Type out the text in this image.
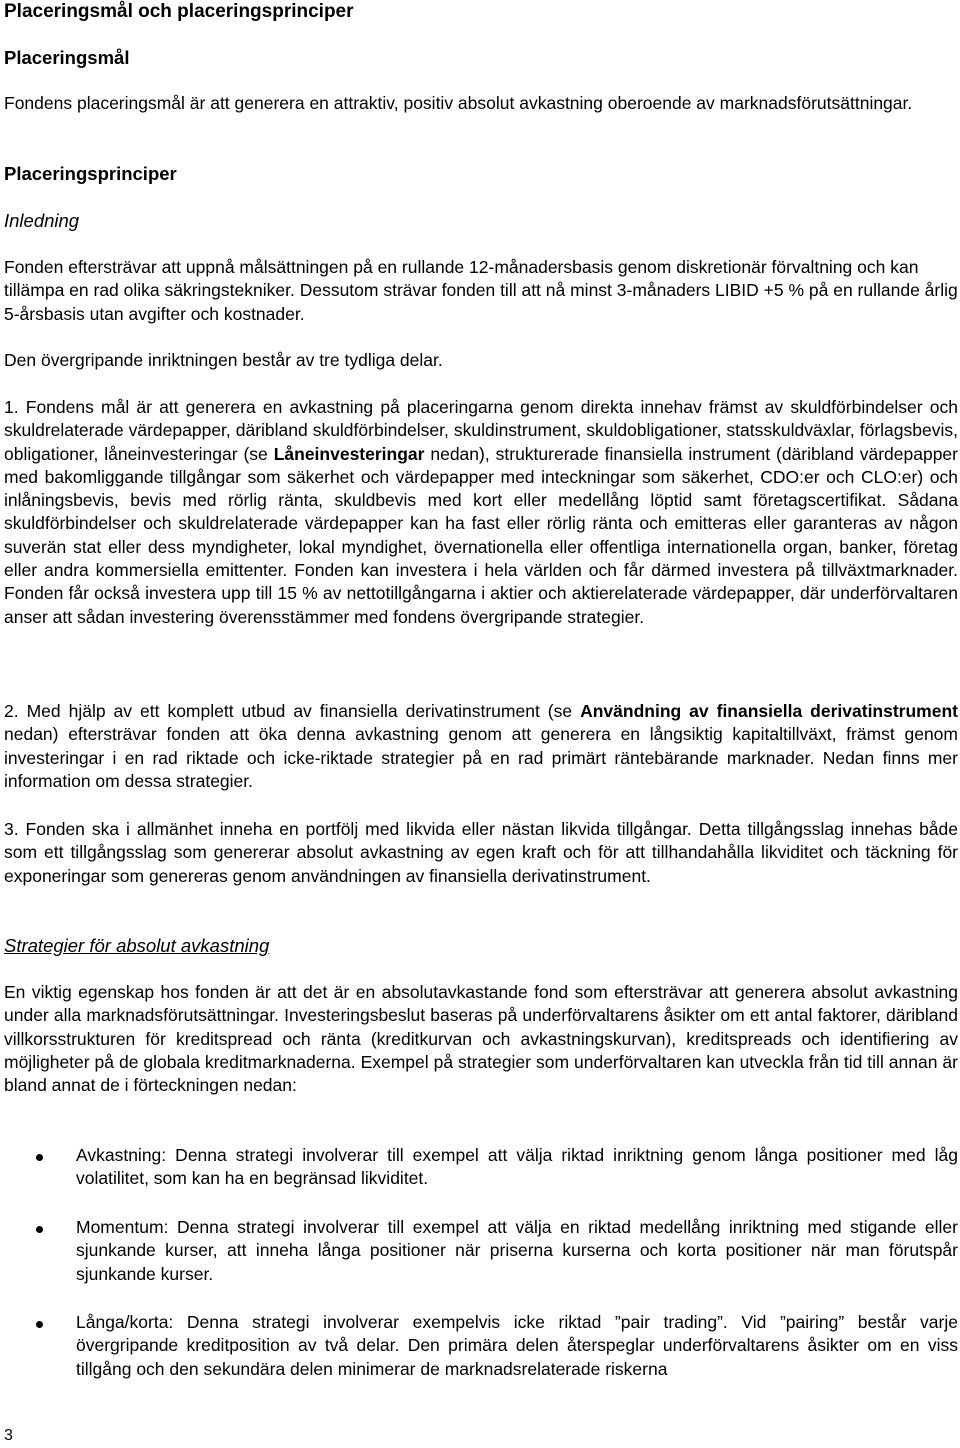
Placeringsmål och placeringsprinciper
Placeringsmål

Fondens placeringsmål är att generera en attraktiv, positiv absolut avkastning oberoende av marknadsförutsättningar.

Placeringsprinciper
Inledning

Fonden eftersträvar att uppnå målsättningen på en rullande 12-månadersbasis genom diskretionär förvaltning och kan tillämpa en rad olika säkringstekniker. Dessutom strävar fonden till att nå minst 3-månaders LIBID +5 % på en rullande årlig 5-årsbasis utan avgifter och kostnader.

Den övergripande inriktningen består av tre tydliga delar.

1. Fondens mål är att generera en avkastning på placeringarna genom direkta innehav främst av skuldförbindelser och skuldrelaterade värdepapper, däribland skuldförbindelser, skuldinstrument, skuldobligationer, statsskuldväxlar, förlagsbevis, obligationer, låneinvesteringar (se Låneinvesteringar nedan), strukturerade finansiella instrument (däribland värdepapper med bakomliggande tillgångar som säkerhet och värdepapper med inteckningar som säkerhet, CDO:er och CLO:er) och inlåningsbevis, bevis med rörlig ränta, skuldbevis med kort eller medellång löptid samt företagscertifikat. Sådana skuldförbindelser och skuldrelaterade värdepapper kan ha fast eller rörlig ränta och emitteras eller garanteras av någon suverän stat eller dess myndigheter, lokal myndighet, övernationella eller offentliga internationella organ, banker, företag eller andra kommersiella emittenter. Fonden kan investera i hela världen och får därmed investera på tillväxtmarknader. Fonden får också investera upp till 15 % av nettotillgångarna i aktier och aktierelaterade värdepapper, där underförvaltaren anser att sådan investering överensstämmer med fondens övergripande strategier.

2. Med hjälp av ett komplett utbud av finansiella derivatinstrument (se Användning av finansiella derivatinstrument nedan) eftersträvar fonden att öka denna avkastning genom att generera en långsiktig kapitaltillväxt, främst genom investeringar i en rad riktade och icke-riktade strategier på en rad primärt räntebärande marknader. Nedan finns mer information om dessa strategier.

3. Fonden ska i allmänhet inneha en portfölj med likvida eller nästan likvida tillgångar. Detta tillgångsslag innehas både som ett tillgångsslag som genererar absolut avkastning av egen kraft och för att tillhandahålla likviditet och täckning för exponeringar som genereras genom användningen av finansiella derivatinstrument.

Strategier för absolut avkastning

En viktig egenskap hos fonden är att det är en absolutavkastande fond som eftersträvar att generera absolut avkastning under alla marknadsförutsättningar. Investeringsbeslut baseras på underförvaltarens åsikter om ett antal faktorer, däribland villkorsstrukturen för kreditspread och ränta (kreditkurvan och avkastningskurvan), kreditspreads och identifiering av möjligheter på de globala kreditmarknaderna. Exempel på strategier som underförvaltaren kan utveckla från tid till annan är bland annat de i förteckningen nedan:

Avkastning: Denna strategi involverar till exempel att välja riktad inriktning genom långa positioner med låg volatilitet, som kan ha en begränsad likviditet.

Momentum: Denna strategi involverar till exempel att välja en riktad medellång inriktning med stigande eller sjunkande kurser, att inneha långa positioner när priserna kurserna och korta positioner när man förutspår sjunkande kurser.

Långa/korta: Denna strategi involverar exempelvis icke riktad ”pair trading”. Vid ”pairing” består varje övergripande kreditposition av två delar. Den primära delen återspeglar underförvaltarens åsikter om en viss tillgång och den sekundära delen minimerar de marknadsrelaterade riskerna

3
